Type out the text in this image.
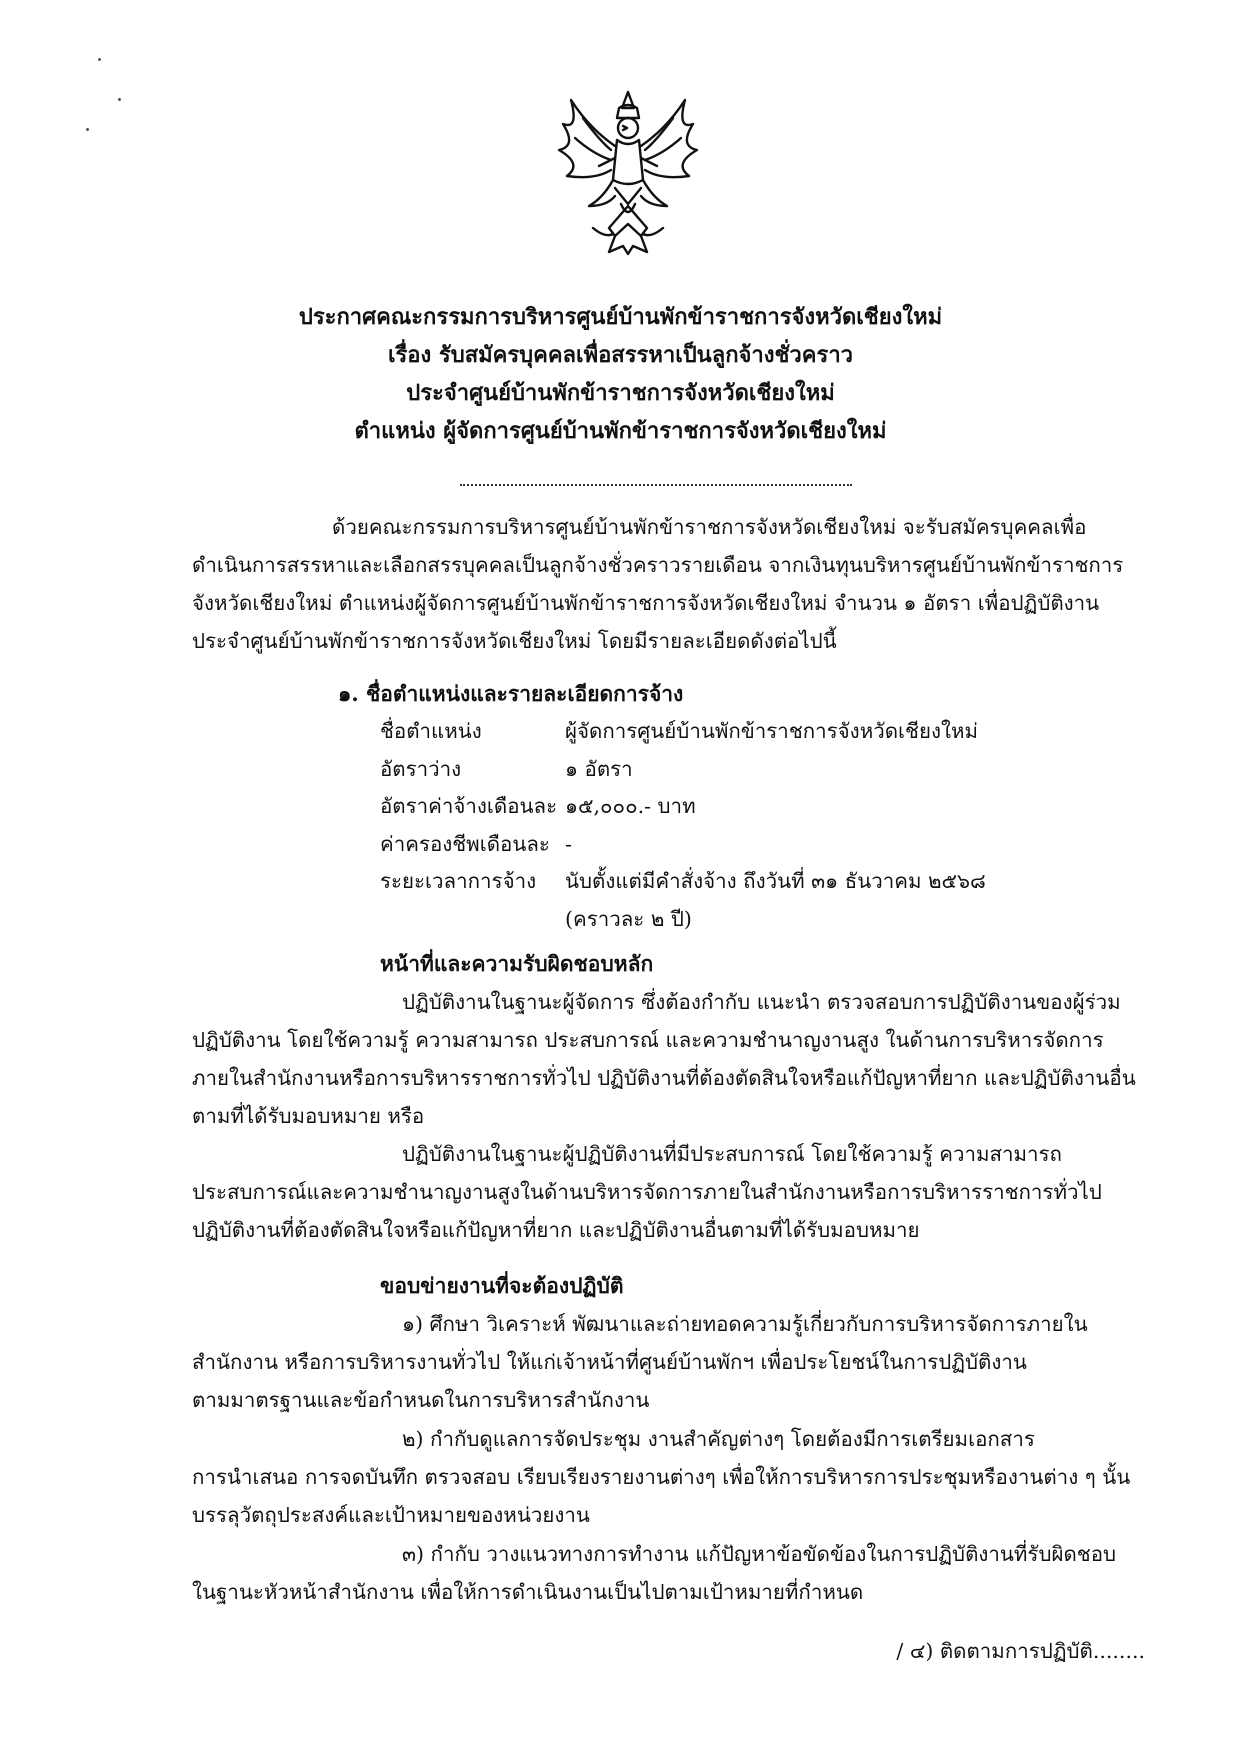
ประกาศคณะกรรมการบริหารศูนย์บ้านพักข้าราชการจังหวัดเชียงใหม่
เรื่อง รับสมัครบุคคลเพื่อสรรหาเป็นลูกจ้างชั่วคราว
ประจำศูนย์บ้านพักข้าราชการจังหวัดเชียงใหม่
ตำแหน่ง ผู้จัดการศูนย์บ้านพักข้าราชการจังหวัดเชียงใหม่
ด้วยคณะกรรมการบริหารศูนย์บ้านพักข้าราชการจังหวัดเชียงใหม่ จะรับสมัครบุคคลเพื่อ
ดำเนินการสรรหาและเลือกสรรบุคคลเป็นลูกจ้างชั่วคราวรายเดือน จากเงินทุนบริหารศูนย์บ้านพักข้าราชการ
จังหวัดเชียงใหม่ ตำแหน่งผู้จัดการศูนย์บ้านพักข้าราชการจังหวัดเชียงใหม่ จำนวน ๑ อัตรา เพื่อปฏิบัติงาน
ประจำศูนย์บ้านพักข้าราชการจังหวัดเชียงใหม่ โดยมีรายละเอียดดังต่อไปนี้
๑. ชื่อตำแหน่งและรายละเอียดการจ้าง
ชื่อตำแหน่ง	ผู้จัดการศูนย์บ้านพักข้าราชการจังหวัดเชียงใหม่
อัตราว่าง	๑ อัตรา
อัตราค่าจ้างเดือนละ ๑๕,๐๐๐.- บาท
ค่าครองชีพเดือนละ -
ระยะเวลาการจ้าง	นับตั้งแต่มีคำสั่งจ้าง ถึงวันที่ ๓๑ ธันวาคม ๒๕๖๘
(คราวละ ๒ ปี)
หน้าที่และความรับผิดชอบหลัก
ปฏิบัติงานในฐานะผู้จัดการ ซึ่งต้องกำกับ แนะนำ ตรวจสอบการปฏิบัติงานของผู้ร่วม
ปฏิบัติงาน โดยใช้ความรู้ ความสามารถ ประสบการณ์ และความชำนาญงานสูง ในด้านการบริหารจัดการ
ภายในสำนักงานหรือการบริหารราชการทั่วไป ปฏิบัติงานที่ต้องตัดสินใจหรือแก้ปัญหาที่ยาก และปฏิบัติงานอื่น
ตามที่ได้รับมอบหมาย หรือ
ปฏิบัติงานในฐานะผู้ปฏิบัติงานที่มีประสบการณ์ โดยใช้ความรู้ ความสามารถ
ประสบการณ์และความชำนาญงานสูงในด้านบริหารจัดการภายในสำนักงานหรือการบริหารราชการทั่วไป
ปฏิบัติงานที่ต้องตัดสินใจหรือแก้ปัญหาที่ยาก และปฏิบัติงานอื่นตามที่ได้รับมอบหมาย
ขอบข่ายงานที่จะต้องปฏิบัติ
๑) ศึกษา วิเคราะห์ พัฒนาและถ่ายทอดความรู้เกี่ยวกับการบริหารจัดการภายใน
สำนักงาน หรือการบริหารงานทั่วไป ให้แก่เจ้าหน้าที่ศูนย์บ้านพักฯ เพื่อประโยชน์ในการปฏิบัติงาน
ตามมาตรฐานและข้อกำหนดในการบริหารสำนักงาน
๒) กำกับดูแลการจัดประชุม งานสำคัญต่างๆ โดยต้องมีการเตรียมเอกสาร
การนำเสนอ การจดบันทึก ตรวจสอบ เรียบเรียงรายงานต่างๆ เพื่อให้การบริหารการประชุมหรืองานต่าง ๆ นั้น
บรรลุวัตถุประสงค์และเป้าหมายของหน่วยงาน
๓) กำกับ วางแนวทางการทำงาน แก้ปัญหาข้อขัดข้องในการปฏิบัติงานที่รับผิดชอบ
ในฐานะหัวหน้าสำนักงาน เพื่อให้การดำเนินงานเป็นไปตามเป้าหมายที่กำหนด
/ ๔) ติดตามการปฏิบัติ........
